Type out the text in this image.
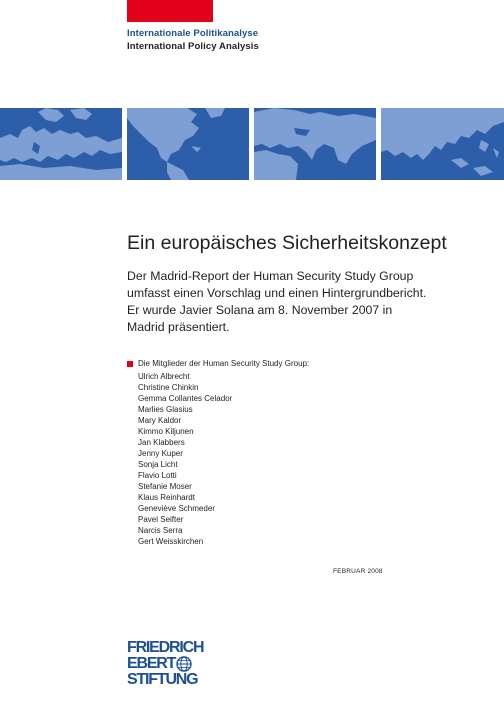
Internationale Politikanalyse
International Policy Analysis
Ein europäisches Sicherheitskonzept

Der Madrid-Report der Human Security Study Group umfasst einen Vorschlag und einen Hintergrundbericht. Er wurde Javier Solana am 8. November 2007 in Madrid präsentiert.

Die Mitglieder der Human Security Study Group:
Ulrich Albrecht
Christine Chinkin
Gemma Collantes Celador
Marlies Glasius
Mary Kaldor
Kimmo Kiljunen
Jan Klabbers
Jenny Kuper
Sonja Licht
Flavio Lotti
Stefanie Moser
Klaus Reinhardt
Geneviève Schmeder
Pavel Seifter
Narcis Serra
Gert Weisskirchen
FEBRUAR 2008
FRIEDRICH
EBERT
STIFTUNG
